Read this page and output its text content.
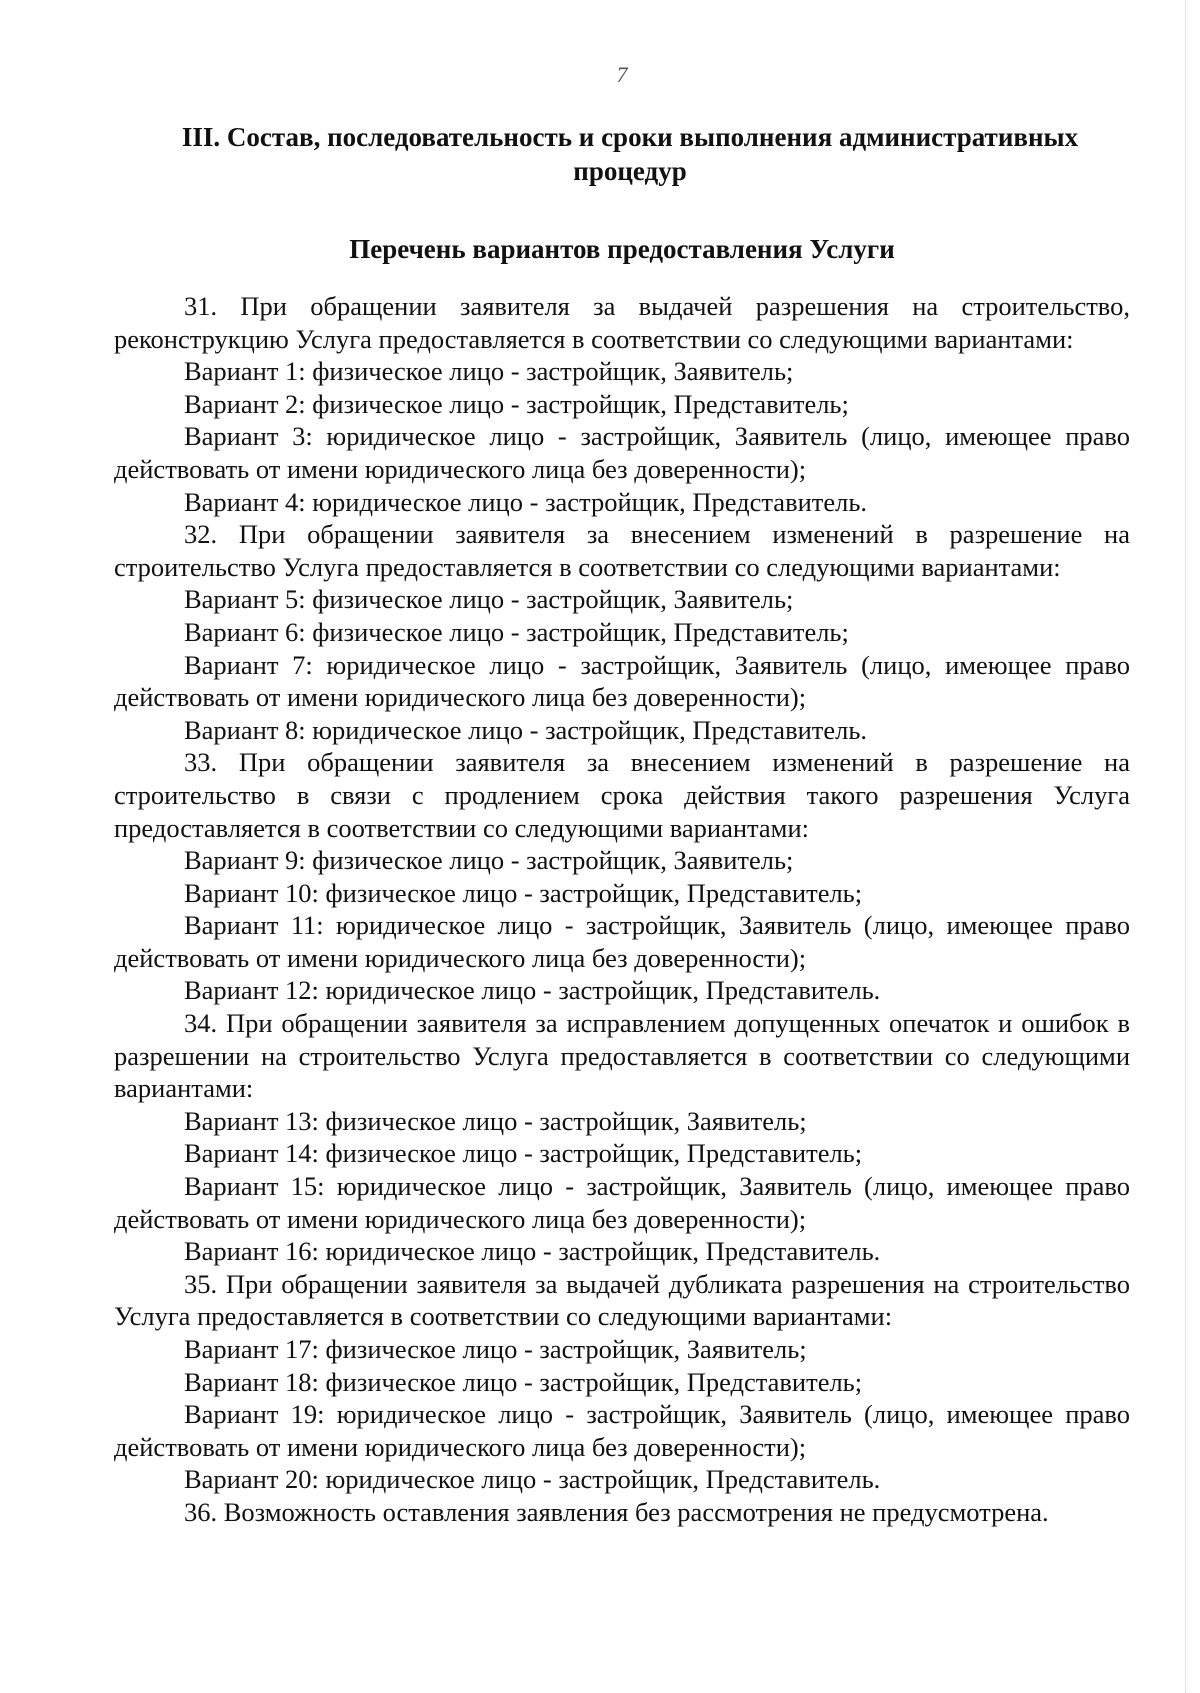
7
III. Состав, последовательность и сроки выполнения административных процедур
Перечень вариантов предоставления Услуги

31. При обращении заявителя за выдачей разрешения на строительство, реконструкцию Услуга предоставляется в соответствии со следующими вариантами:

Вариант 1: физическое лицо - застройщик, Заявитель;

Вариант 2: физическое лицо - застройщик, Представитель;

Вариант 3: юридическое лицо - застройщик, Заявитель (лицо, имеющее право действовать от имени юридического лица без доверенности);

Вариант 4: юридическое лицо - застройщик, Представитель.

32. При обращении заявителя за внесением изменений в разрешение на строительство Услуга предоставляется в соответствии со следующими вариантами:

Вариант 5: физическое лицо - застройщик, Заявитель;

Вариант 6: физическое лицо - застройщик, Представитель;

Вариант 7: юридическое лицо - застройщик, Заявитель (лицо, имеющее право действовать от имени юридического лица без доверенности);

Вариант 8: юридическое лицо - застройщик, Представитель.

33. При обращении заявителя за внесением изменений в разрешение на строительство в связи с продлением срока действия такого разрешения Услуга предоставляется в соответствии со следующими вариантами:

Вариант 9: физическое лицо - застройщик, Заявитель;

Вариант 10: физическое лицо - застройщик, Представитель;

Вариант 11: юридическое лицо - застройщик, Заявитель (лицо, имеющее право действовать от имени юридического лица без доверенности);

Вариант 12: юридическое лицо - застройщик, Представитель.

34. При обращении заявителя за исправлением допущенных опечаток и ошибок в разрешении на строительство Услуга предоставляется в соответствии со следующими вариантами:

Вариант 13: физическое лицо - застройщик, Заявитель;

Вариант 14: физическое лицо - застройщик, Представитель;

Вариант 15: юридическое лицо - застройщик, Заявитель (лицо, имеющее право действовать от имени юридического лица без доверенности);

Вариант 16: юридическое лицо - застройщик, Представитель.

35. При обращении заявителя за выдачей дубликата разрешения на строительство Услуга предоставляется в соответствии со следующими вариантами:

Вариант 17: физическое лицо - застройщик, Заявитель;

Вариант 18: физическое лицо - застройщик, Представитель;

Вариант 19: юридическое лицо - застройщик, Заявитель (лицо, имеющее право действовать от имени юридического лица без доверенности);

Вариант 20: юридическое лицо - застройщик, Представитель.

36. Возможность оставления заявления без рассмотрения не предусмотрена.
